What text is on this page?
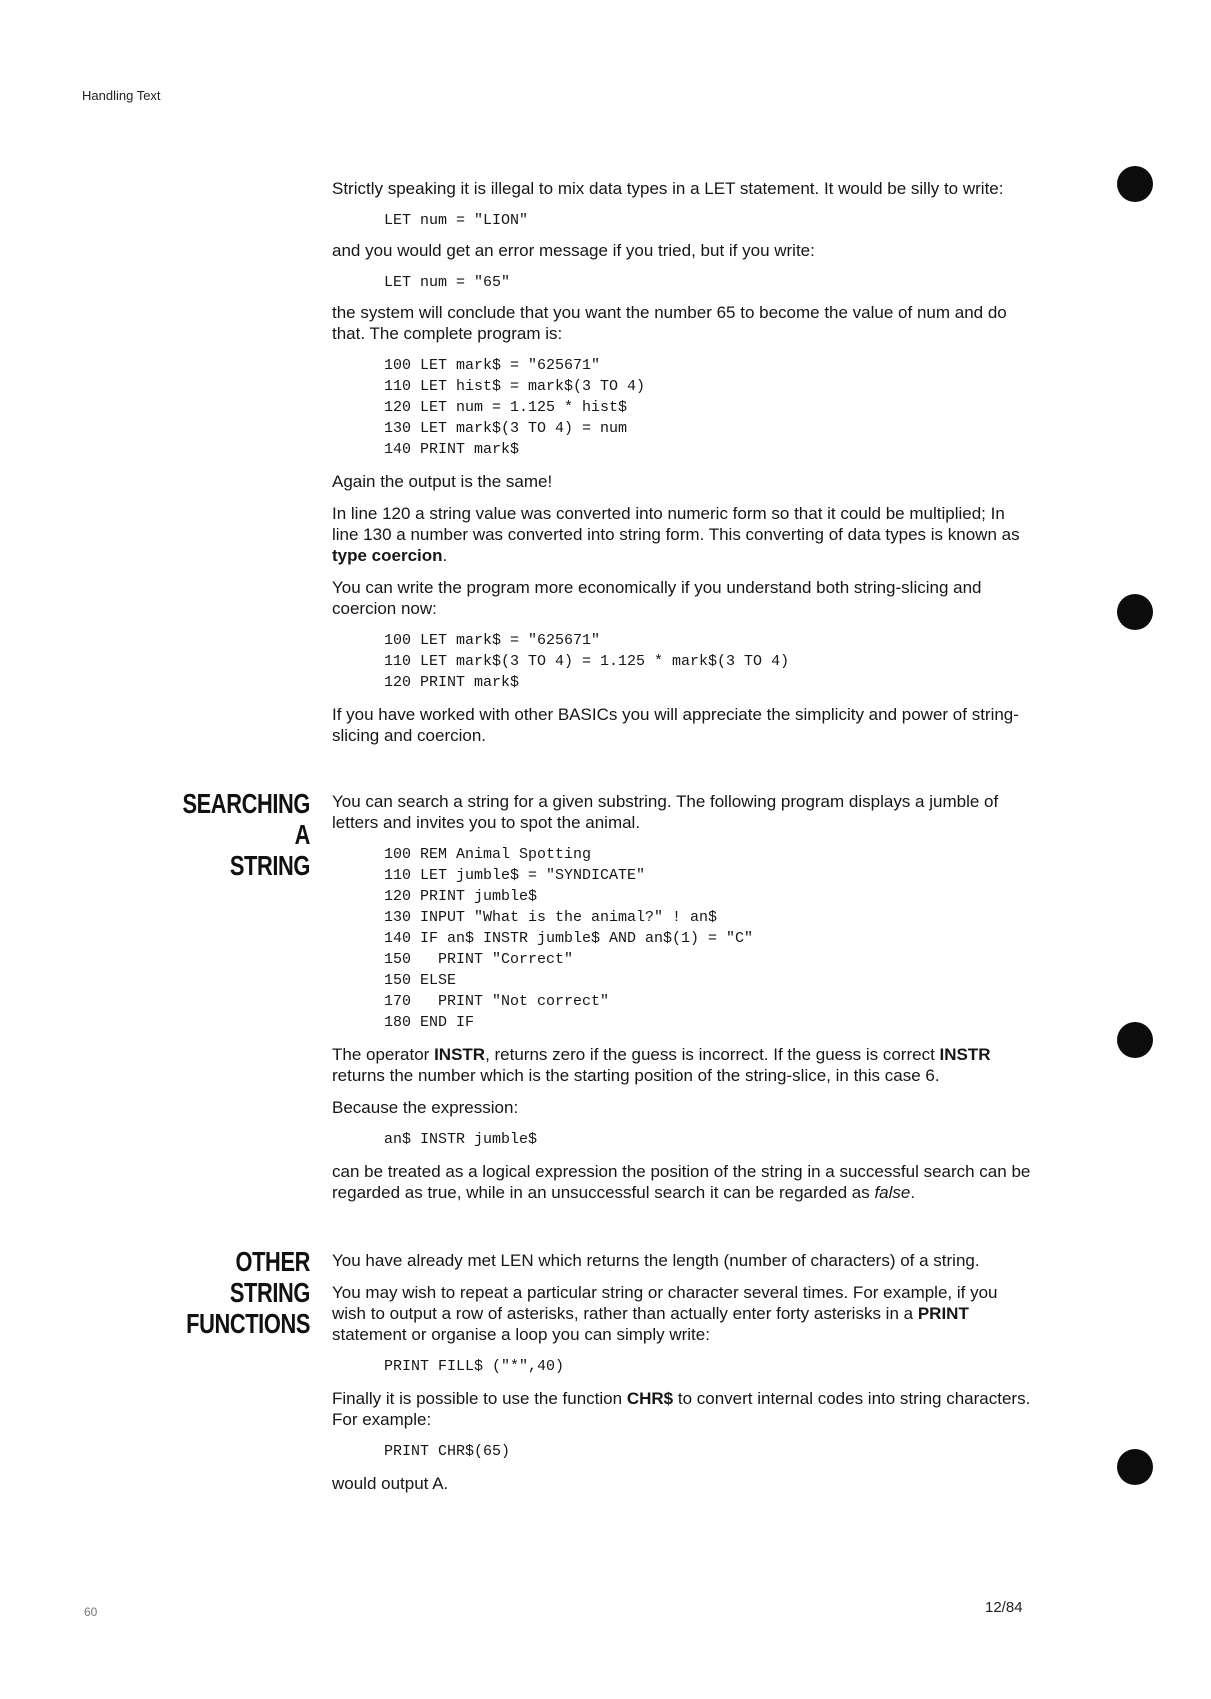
Handling Text

Strictly speaking it is illegal to mix data types in a LET statement. It would be silly to write:

LET num = "LION"

and you would get an error message if you tried, but if you write:

LET num = "65"

the system will conclude that you want the number 65 to become the value of num and do that. The complete program is:

100 LET mark$ = "625671"
110 LET hist$ = mark$(3 TO 4)
120 LET num = 1.125 * hist$
130 LET mark$(3 TO 4) = num
140 PRINT mark$

Again the output is the same!

In line 120 a string value was converted into numeric form so that it could be multiplied; In line 130 a number was converted into string form. This converting of data types is known as type coercion.

You can write the program more economically if you understand both string-slicing and coercion now:

100 LET mark$ = "625671"
110 LET mark$(3 TO 4) = 1.125 * mark$(3 TO 4)
120 PRINT mark$

If you have worked with other BASICs you will appreciate the simplicity and power of string-slicing and coercion.

SEARCHING A
STRING

You can search a string for a given substring. The following program displays a jumble of letters and invites you to spot the animal.

100 REM Animal Spotting
110 LET jumble$ = "SYNDICATE"
120 PRINT jumble$
130 INPUT "What is the animal?" ! an$
140 IF an$ INSTR jumble$ AND an$(1) = "C"
150   PRINT "Correct"
150 ELSE
170   PRINT "Not correct"
180 END IF

The operator INSTR, returns zero if the guess is incorrect. If the guess is correct INSTR returns the number which is the starting position of the string-slice, in this case 6.

Because the expression:

an$ INSTR jumble$

can be treated as a logical expression the position of the string in a successful search can be regarded as true, while in an unsuccessful search it can be regarded as false.

OTHER STRING
FUNCTIONS

You have already met LEN which returns the length (number of characters) of a string.

You may wish to repeat a particular string or character several times. For example, if you wish to output a row of asterisks, rather than actually enter forty asterisks in a PRINT statement or organise a loop you can simply write:

PRINT FILL$ ("*",40)

Finally it is possible to use the function CHR$ to convert internal codes into string characters. For example:

PRINT CHR$(65)

would output A.

60	12/84
